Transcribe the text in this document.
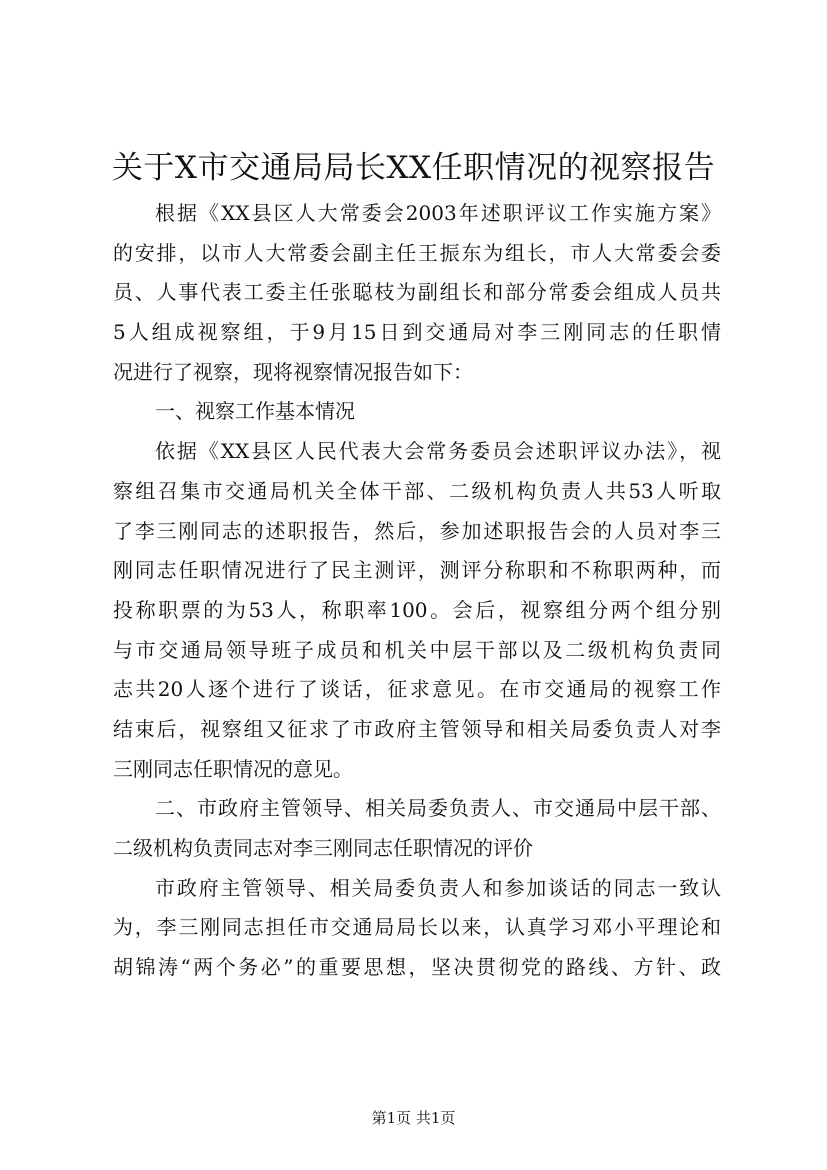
关于X市交通局局长XX任职情况的视察报告
根据《XX县区人大常委会2003年述职评议工作实施方案》
的安排，以市人大常委会副主任王振东为组长，市人大常委会委
员、人事代表工委主任张聪枝为副组长和部分常委会组成人员共
5人组成视察组，于9月15日到交通局对李三刚同志的任职情
况进行了视察，现将视察情况报告如下：
一、视察工作基本情况
依据《XX县区人民代表大会常务委员会述职评议办法》，视
察组召集市交通局机关全体干部、二级机构负责人共53人听取
了李三刚同志的述职报告，然后，参加述职报告会的人员对李三
刚同志任职情况进行了民主测评，测评分称职和不称职两种，而
投称职票的为53人，称职率100。会后，视察组分两个组分别
与市交通局领导班子成员和机关中层干部以及二级机构负责同
志共20人逐个进行了谈话，征求意见。在市交通局的视察工作
结束后，视察组又征求了市政府主管领导和相关局委负责人对李
三刚同志任职情况的意见。
二、市政府主管领导、相关局委负责人、市交通局中层干部、
二级机构负责同志对李三刚同志任职情况的评价
市政府主管领导、相关局委负责人和参加谈话的同志一致认
为，李三刚同志担任市交通局局长以来，认真学习邓小平理论和
胡锦涛“两个务必”的重要思想，坚决贯彻党的路线、方针、政
第1页 共1页
